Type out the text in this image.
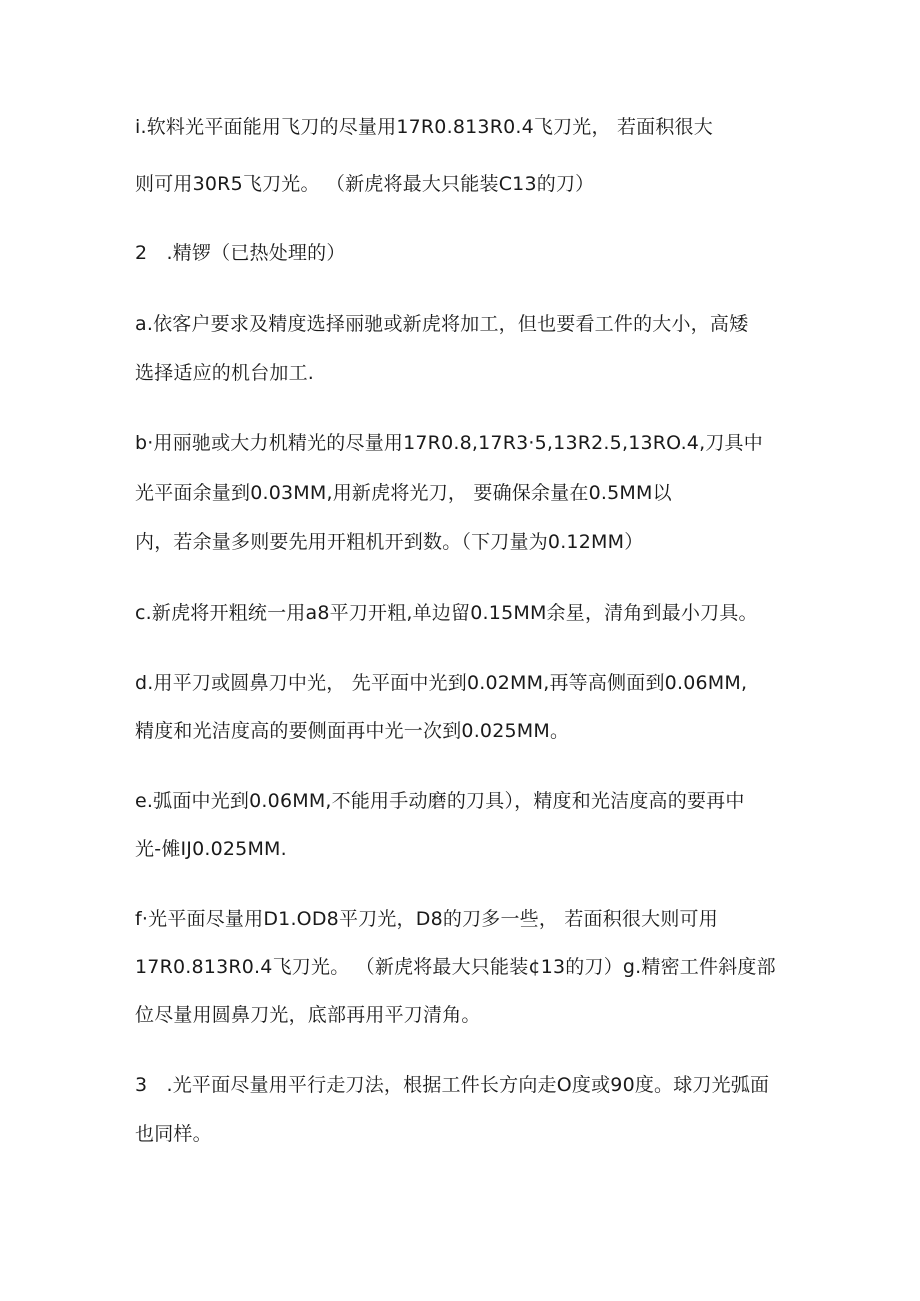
i.软料光平面能用飞刀的尽量用17R0.813R0.4飞刀光， 若面积很大
则可用30R5飞刀光。 （新虎将最大只能装C13的刀）
2　.精锣（已热处理的）
a.依客户要求及精度选择丽驰或新虎将加工，但也要看工件的大小，高矮
选择适应的机台加工.
b·用丽驰或大力机精光的尽量用17R0.8,17R3·5,13R2.5,13RO.4,刀具中
光平面余量到0.03MM,用新虎将光刀， 要确保余量在0.5MM以
内，若余量多则要先用开粗机开到数。（下刀量为0.12MM）
c.新虎将开粗统一用a8平刀开粗,单边留0.15MM余星，清角到最小刀具。
d.用平刀或圆鼻刀中光， 先平面中光到0.02MM,再等高侧面到0.06MM,
精度和光洁度高的要侧面再中光一次到0.025MM。
e.弧面中光到0.06MM,不能用手动磨的刀具），精度和光洁度高的要再中
光-傩IJ0.025MM.
f·光平面尽量用D1.OD8平刀光，D8的刀多一些， 若面积很大则可用
17R0.813R0.4飞刀光。 （新虎将最大只能装¢13的刀）g.精密工件斜度部
位尽量用圆鼻刀光，底部再用平刀清角。
3　.光平面尽量用平行走刀法，根据工件长方向走O度或90度。球刀光弧面
也同样。
